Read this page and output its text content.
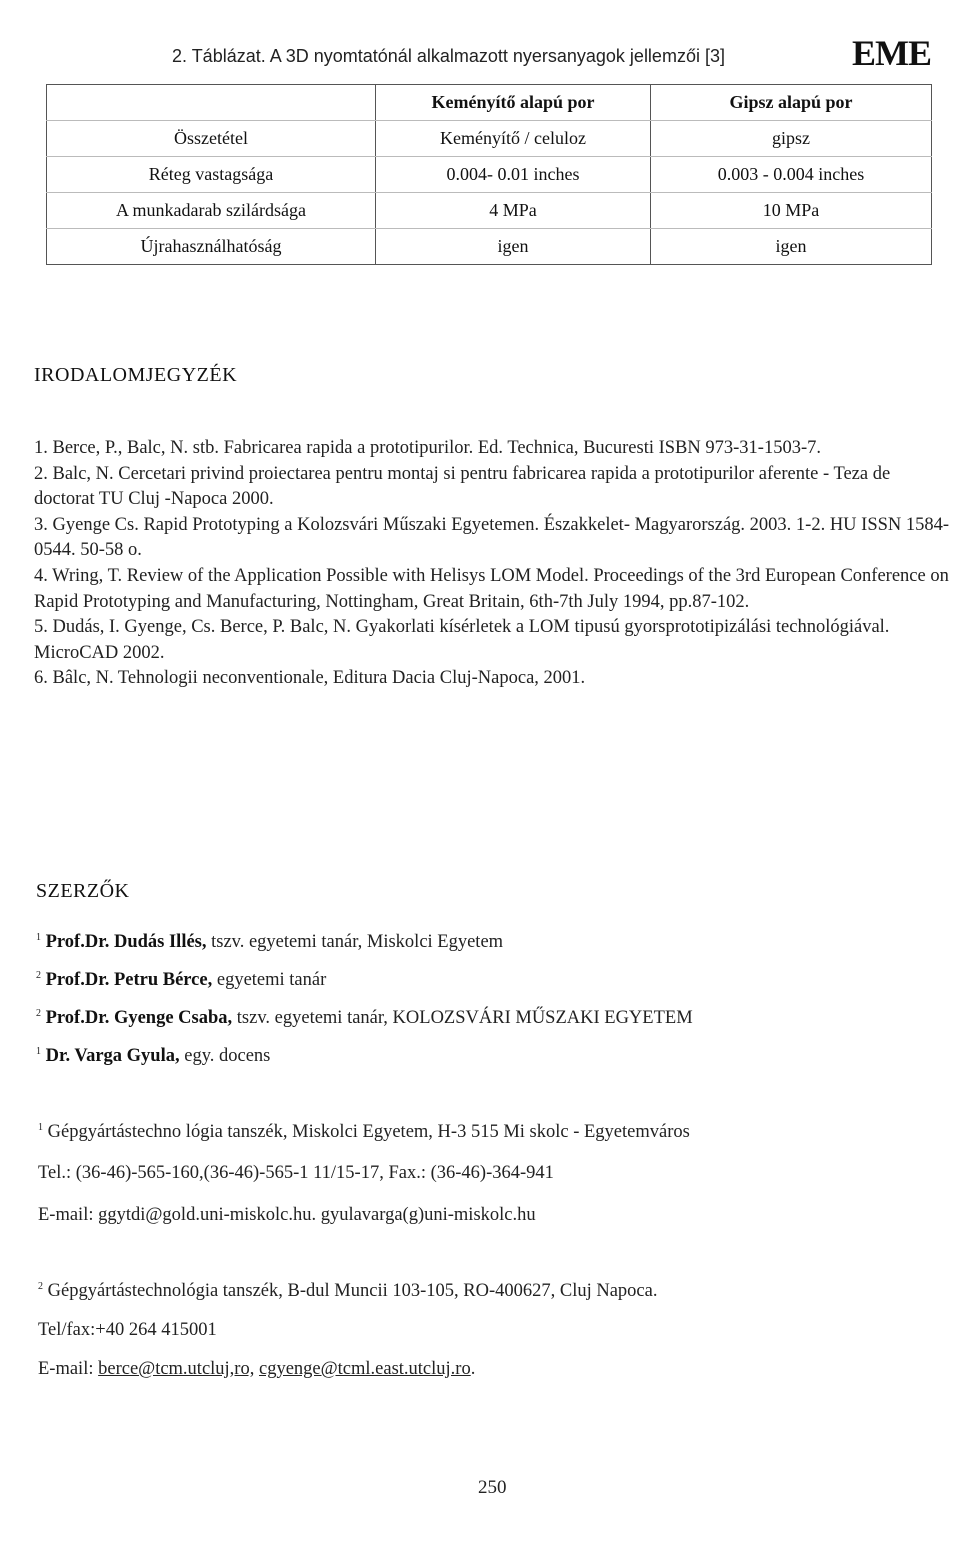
2. Táblázat. A 3D nyomtatónál alkalmazott nyersanyagok jellemzői [3]	EME
	Keményítő alapú por	Gipsz alapú por
Összetétel	Keményítő / celuloz	gipsz
Réteg vastagsága	0.004- 0.01 inches	0.003 - 0.004 inches
A munkadarab szilárdsága	4 MPa	10 MPa
Újrahasználhatóság	igen	igen
IRODALOMJEGYZÉK

1. Berce, P., Balc, N. stb. Fabricarea rapida a prototipurilor. Ed. Technica, Bucuresti ISBN 973-31-1503-7.

2. Balc, N. Cercetari privind proiectarea pentru montaj si pentru fabricarea rapida a prototipurilor aferente - Teza de doctorat TU Cluj -Napoca 2000.

3. Gyenge Cs. Rapid Prototyping a Kolozsvári Műszaki Egyetemen. Északkelet- Magyarország. 2003. 1-2. HU ISSN 1584-0544. 50-58 o.

4. Wring, T. Review of the Application Possible with Helisys LOM Model. Proceedings of the 3rd European Conference on Rapid Prototyping and Manufacturing, Nottingham, Great Britain, 6th-7th July 1994, pp.87-102.

5. Dudás, I. Gyenge, Cs. Berce, P. Balc, N. Gyakorlati kísérletek a LOM tipusú gyorsprototipizálási technológiával. MicroCAD 2002.

6. Bâlc, N. Tehnologii neconventionale, Editura Dacia Cluj-Napoca, 2001.

SZERZŐK
$^1$ Prof.Dr. Dudás Illés, tszv. egyetemi tanár, Miskolci Egyetem
$^2$ Prof.Dr. Petru Bérce, egyetemi tanár
$^2$ Prof.Dr. Gyenge Csaba, tszv. egyetemi tanár, KOLOZSVÁRI MŰSZAKI EGYETEM
$^1$ Dr. Varga Gyula, egy. docens
$^1$ Gépgyártástechno lógia tanszék, Miskolci Egyetem, H-3 515 Mi skolc - Egyetemváros
Tel.: (36-46)-565-160,(36-46)-565-1 11/15-17, Fax.: (36-46)-364-941
E-mail: ggytdi@gold.uni-miskolc.hu. gyulavarga(g)uni-miskolc.hu
$^2$ Gépgyártástechnológia tanszék, B-dul Muncii 103-105, RO-400627, Cluj Napoca.
Tel/fax:+40 264 415001
E-mail: berce@tcm.utcluj,ro, cgyenge@tcml.east.utcluj.ro.
250
